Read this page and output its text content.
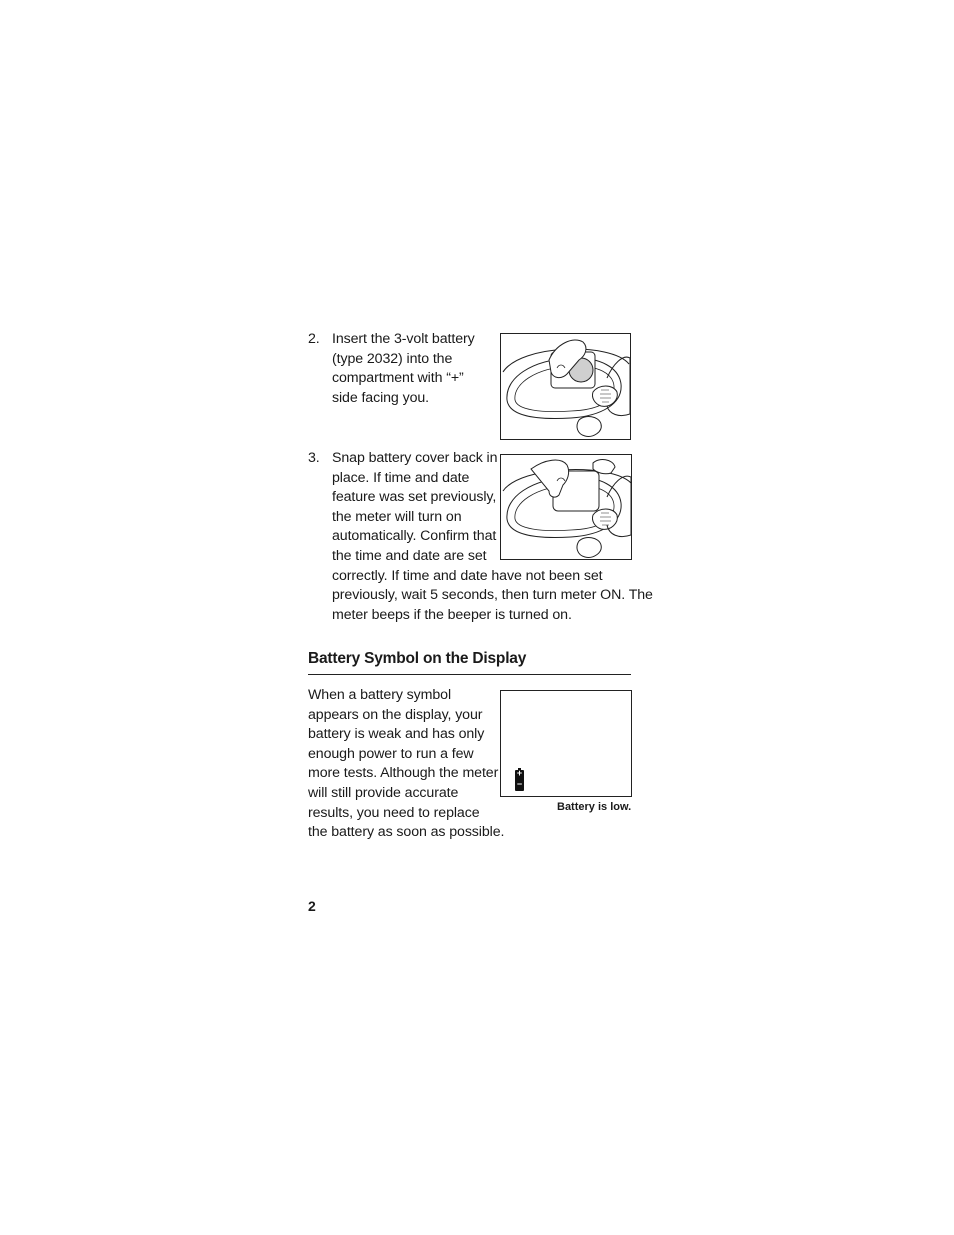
2. Insert the 3-volt battery
(type 2032) into the
compartment with “+”
side facing you.
3. Snap battery cover back in
place. If time and date
feature was set previously,
the meter will turn on
automatically. Confirm that
the time and date are set
correctly. If time and date have not been set
previously, wait 5 seconds, then turn meter ON. The
meter beeps if the beeper is turned on.
Battery Symbol on the Display
When a battery symbol
appears on the display, your
battery is weak and has only
enough power to run a few
more tests. Although the meter
will still provide accurate
results, you need to replace
the battery as soon as possible.
+
−
Battery is low.
2
